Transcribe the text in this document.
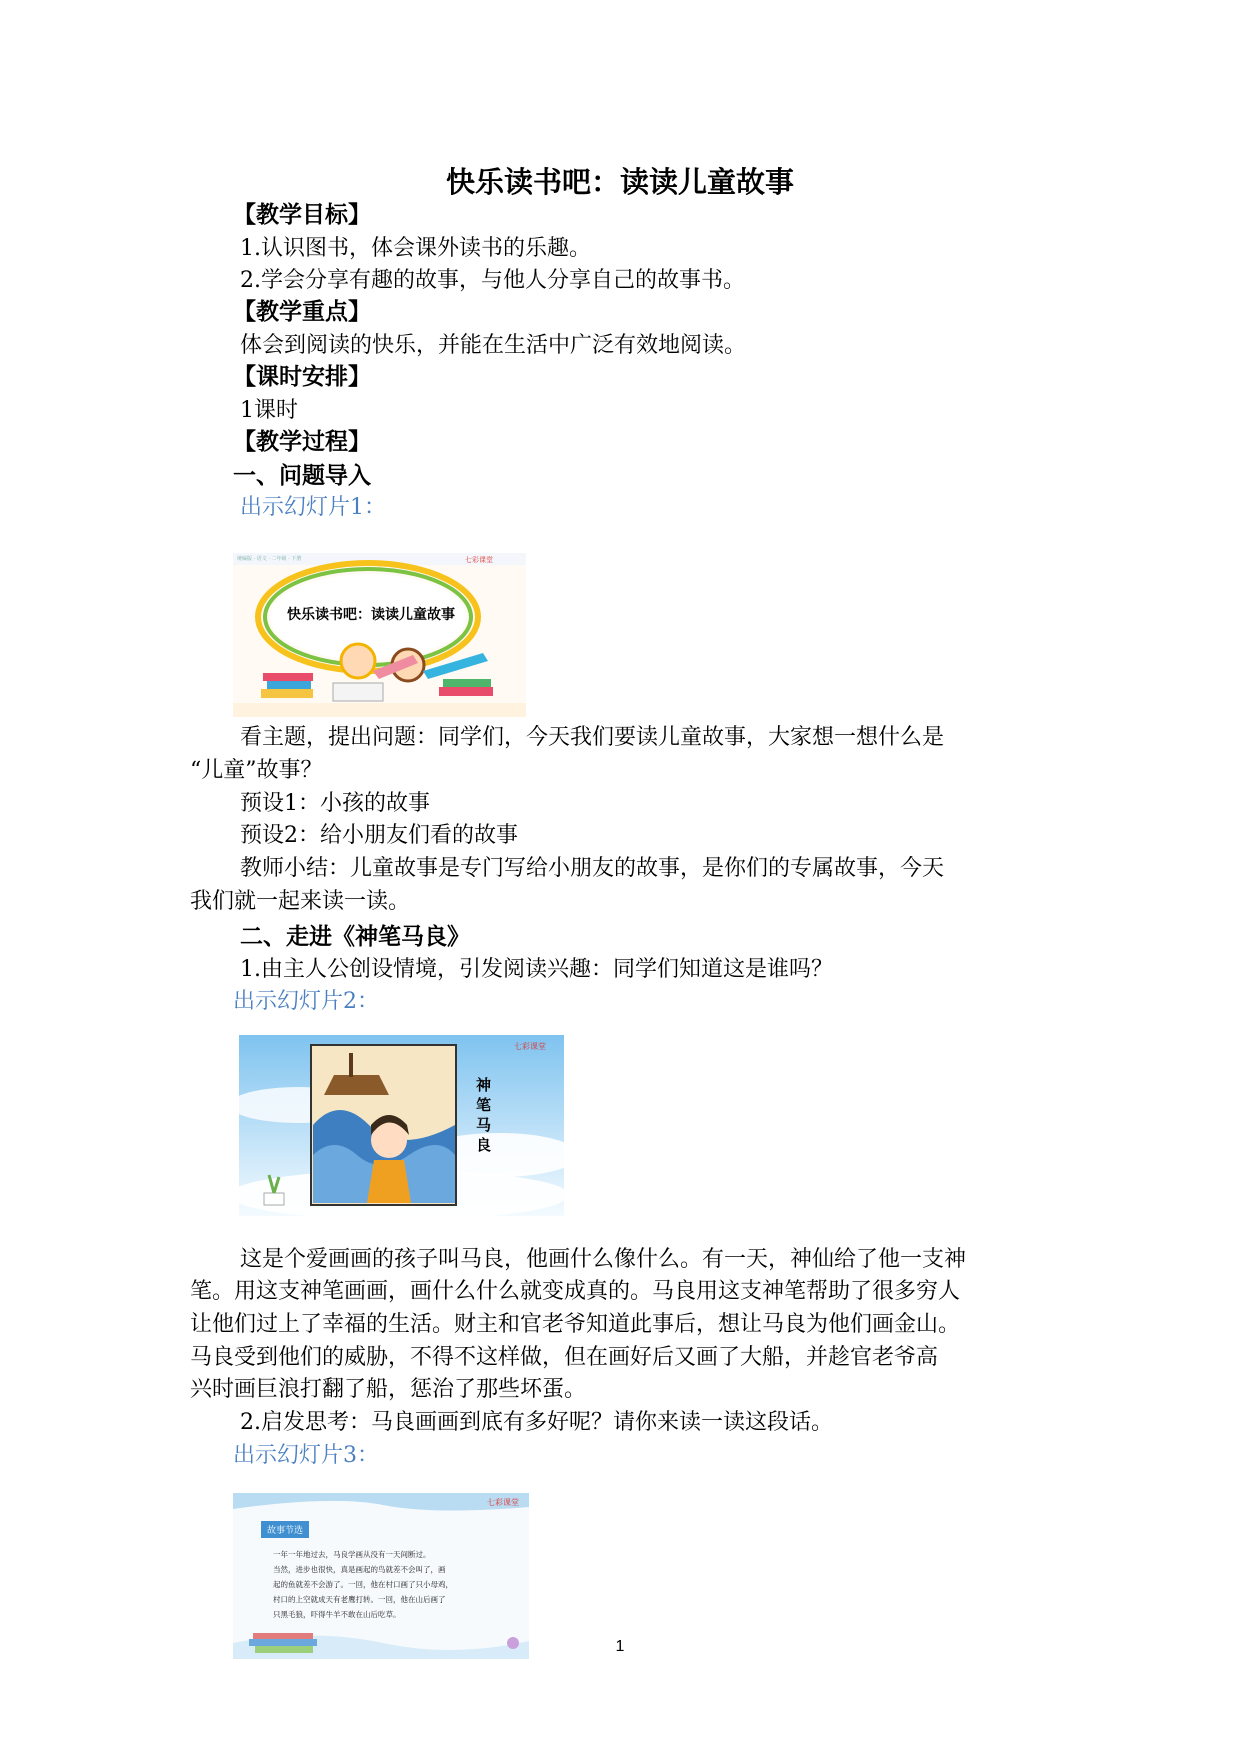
快乐读书吧：读读儿童故事
【教学目标】
1.认识图书，体会课外读书的乐趣。
2.学会分享有趣的故事，与他人分享自己的故事书。
【教学重点】
体会到阅读的快乐，并能在生活中广泛有效地阅读。
【课时安排】
1课时
【教学过程】
一、问题导入
出示幻灯片1：
快乐读书吧：读读儿童故事
七彩课堂
统编版 · 语文 · 二年级 · 下册
看主题，提出问题：同学们，今天我们要读儿童故事，大家想一想什么是
“儿童”故事？
预设1：小孩的故事
预设2：给小朋友们看的故事
教师小结：儿童故事是专门写给小朋友的故事，是你们的专属故事，今天
我们就一起来读一读。
二、走进《神笔马良》
1.由主人公创设情境，引发阅读兴趣：同学们知道这是谁吗？
出示幻灯片2：
神
笔
马
良
七彩课堂
这是个爱画画的孩子叫马良，他画什么像什么。有一天，神仙给了他一支神
笔。用这支神笔画画，画什么什么就变成真的。马良用这支神笔帮助了很多穷人
让他们过上了幸福的生活。财主和官老爷知道此事后，想让马良为他们画金山。
马良受到他们的威胁，不得不这样做，但在画好后又画了大船，并趁官老爷高
兴时画巨浪打翻了船，惩治了那些坏蛋。
2.启发思考：马良画画到底有多好呢？请你来读一读这段话。
出示幻灯片3：
故事节选
七彩课堂
一年一年地过去，马良学画从没有一天间断过。
当然，进步也很快，真是画起的鸟就差不会叫了，画
起的鱼就差不会游了。一回，他在村口画了只小母鸡，
村口的上空就成天有老鹰打转。一回，他在山后画了
只黑毛狼，吓得牛羊不敢在山后吃草。
1
